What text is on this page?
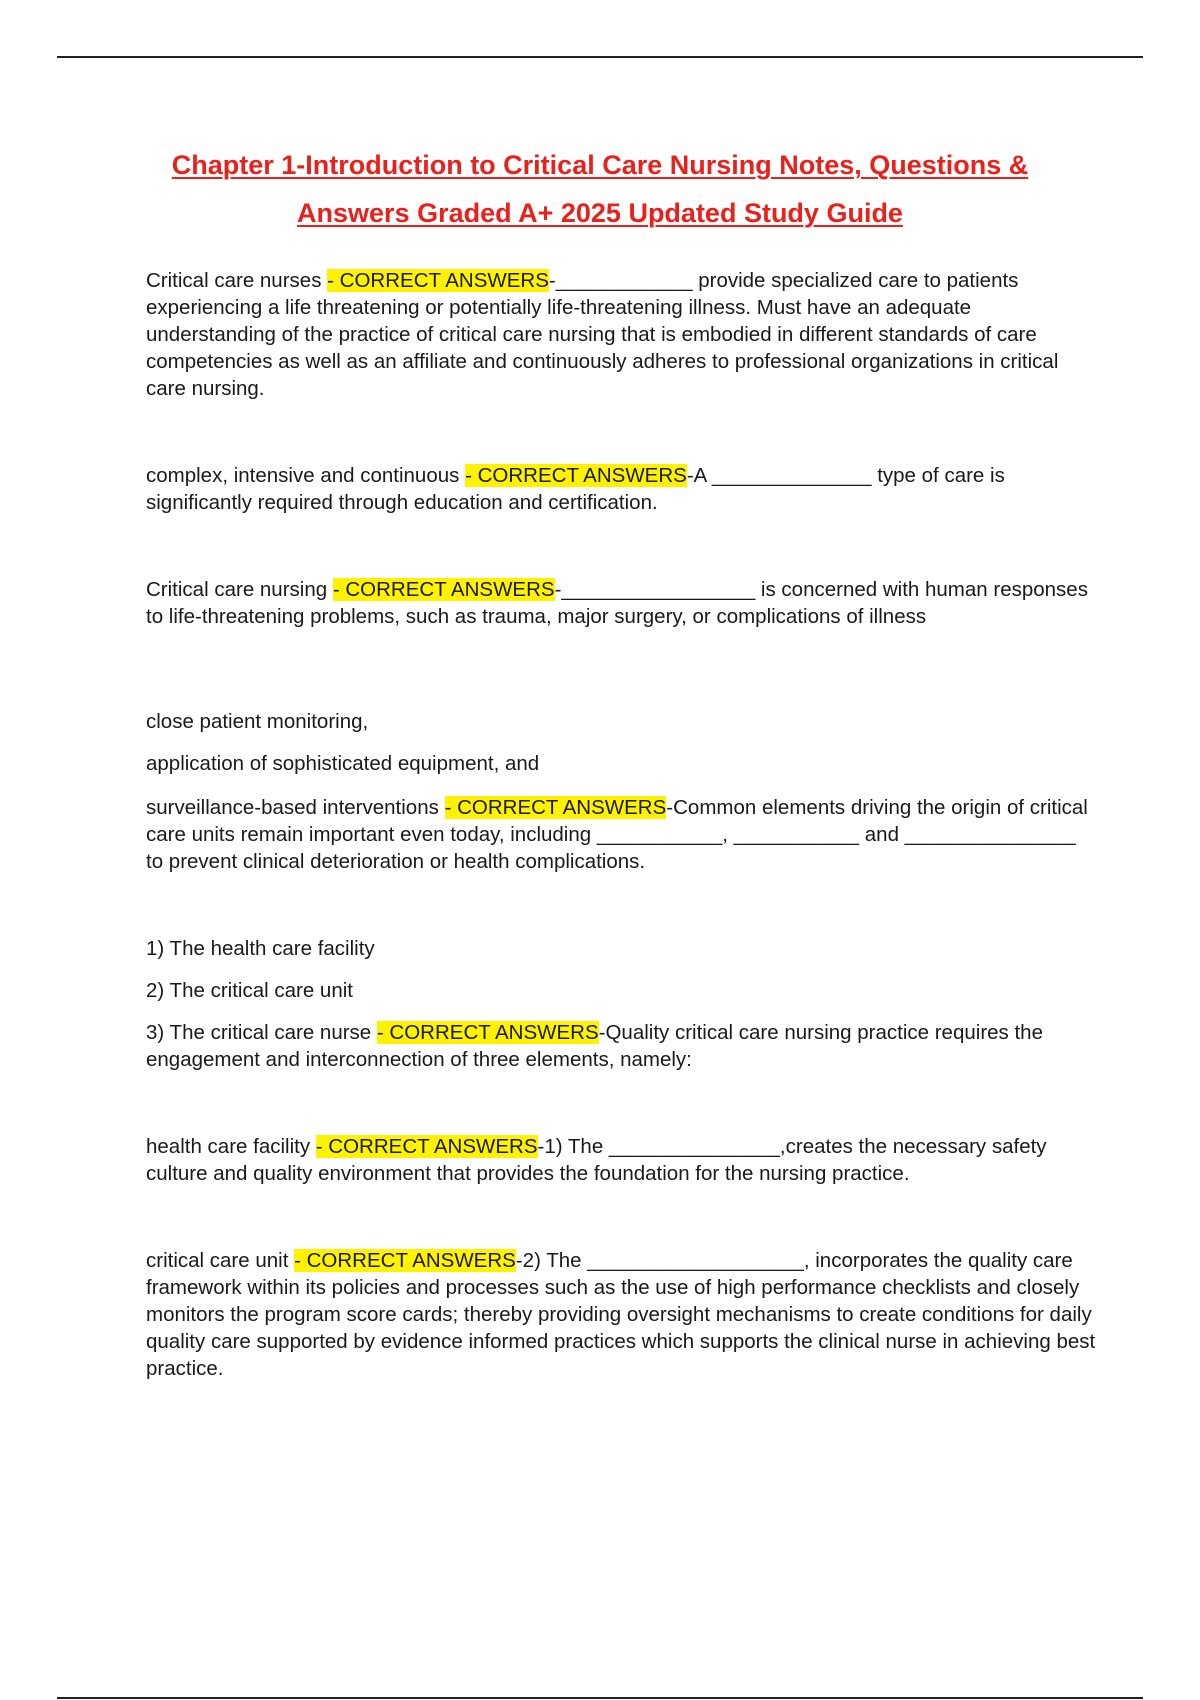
Chapter 1-Introduction to Critical Care Nursing Notes, Questions &
Answers Graded A+ 2025 Updated Study Guide

Critical care nurses - CORRECT ANSWERS-____________ provide specialized care to patients experiencing a life threatening or potentially life-threatening illness. Must have an adequate understanding of the practice of critical care nursing that is embodied in different standards of care competencies as well as an affiliate and continuously adheres to professional organizations in critical care nursing.

complex, intensive and continuous - CORRECT ANSWERS-A ______________ type of care is significantly required through education and certification.

Critical care nursing - CORRECT ANSWERS-_________________ is concerned with human responses to life-threatening problems, such as trauma, major surgery, or complications of illness

close patient monitoring,

application of sophisticated equipment, and

surveillance-based interventions - CORRECT ANSWERS-Common elements driving the origin of critical care units remain important even today, including ___________, ___________ and _______________ to prevent clinical deterioration or health complications.

1) The health care facility

2) The critical care unit

3) The critical care nurse - CORRECT ANSWERS-Quality critical care nursing practice requires the engagement and interconnection of three elements, namely:

health care facility - CORRECT ANSWERS-1) The _______________,creates the necessary safety culture and quality environment that provides the foundation for the nursing practice.

critical care unit - CORRECT ANSWERS-2) The ___________________, incorporates the quality care framework within its policies and processes such as the use of high performance checklists and closely monitors the program score cards; thereby providing oversight mechanisms to create conditions for daily quality care supported by evidence informed practices which supports the clinical nurse in achieving best practice.
